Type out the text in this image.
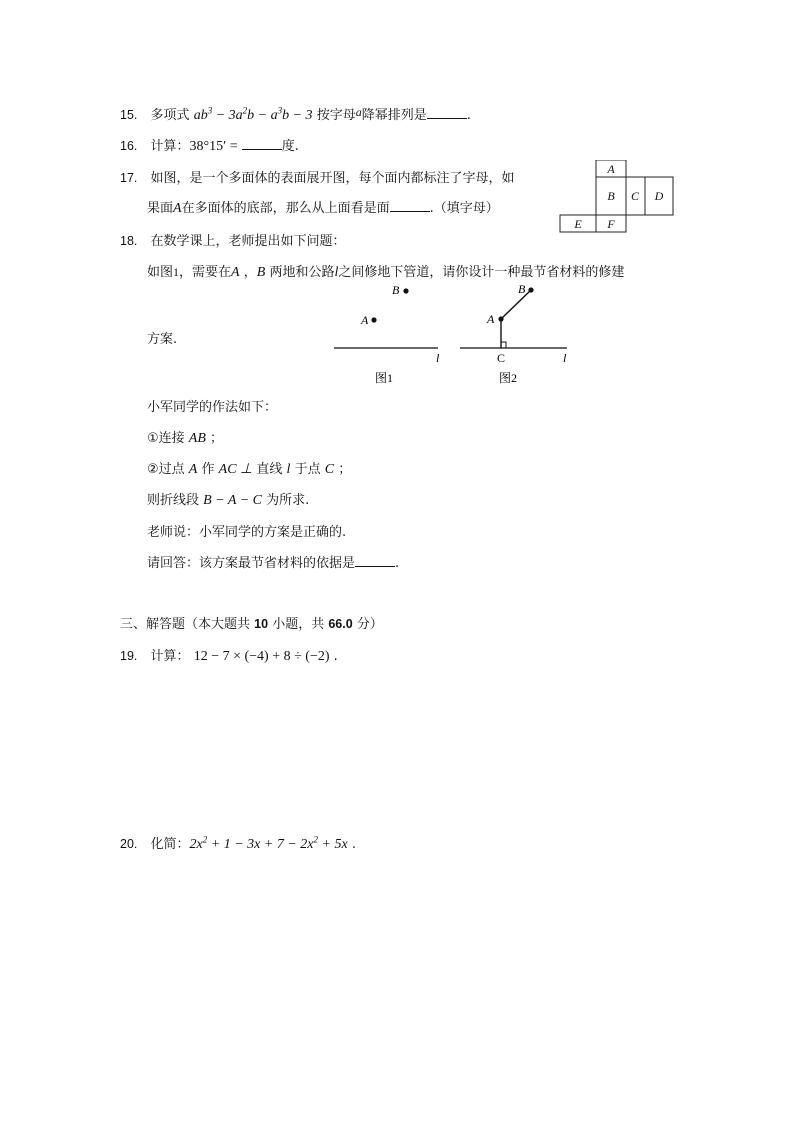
15. 多项式 $ab^3 - 3a^2b - a^3b - 3$ 按字母a降幂排列是	.
16. 计算：38°15′ =	度.
17. 如图，是一个多面体的表面展开图，每个面内都标注了字母，如
果面A在多面体的底部，那么从上面看是面	.（填字母）
A
B C D
E F
18. 在数学课上，老师提出如下问题：
如图1，需要在A ，B 两地和公路l之间修地下管道，请你设计一种最节省材料的修建
方案.
B
A
l
图1
B
A
C	l
图2
小军同学的作法如下：
①连接 AB ；
②过点 A 作 AC ⊥ 直线 l 于点 C ；
则折线段 B − A − C 为所求.
老师说：小军同学的方案是正确的.
请回答：该方案最节省材料的依据是	.
三、解答题（本大题共 10 小题，共 66.0 分）
19. 计算： 12 − 7 × (−4) + 8 ÷ (−2) .
20. 化简：$2x^2 + 1 - 3x + 7 - 2x^2 + 5x$ .
